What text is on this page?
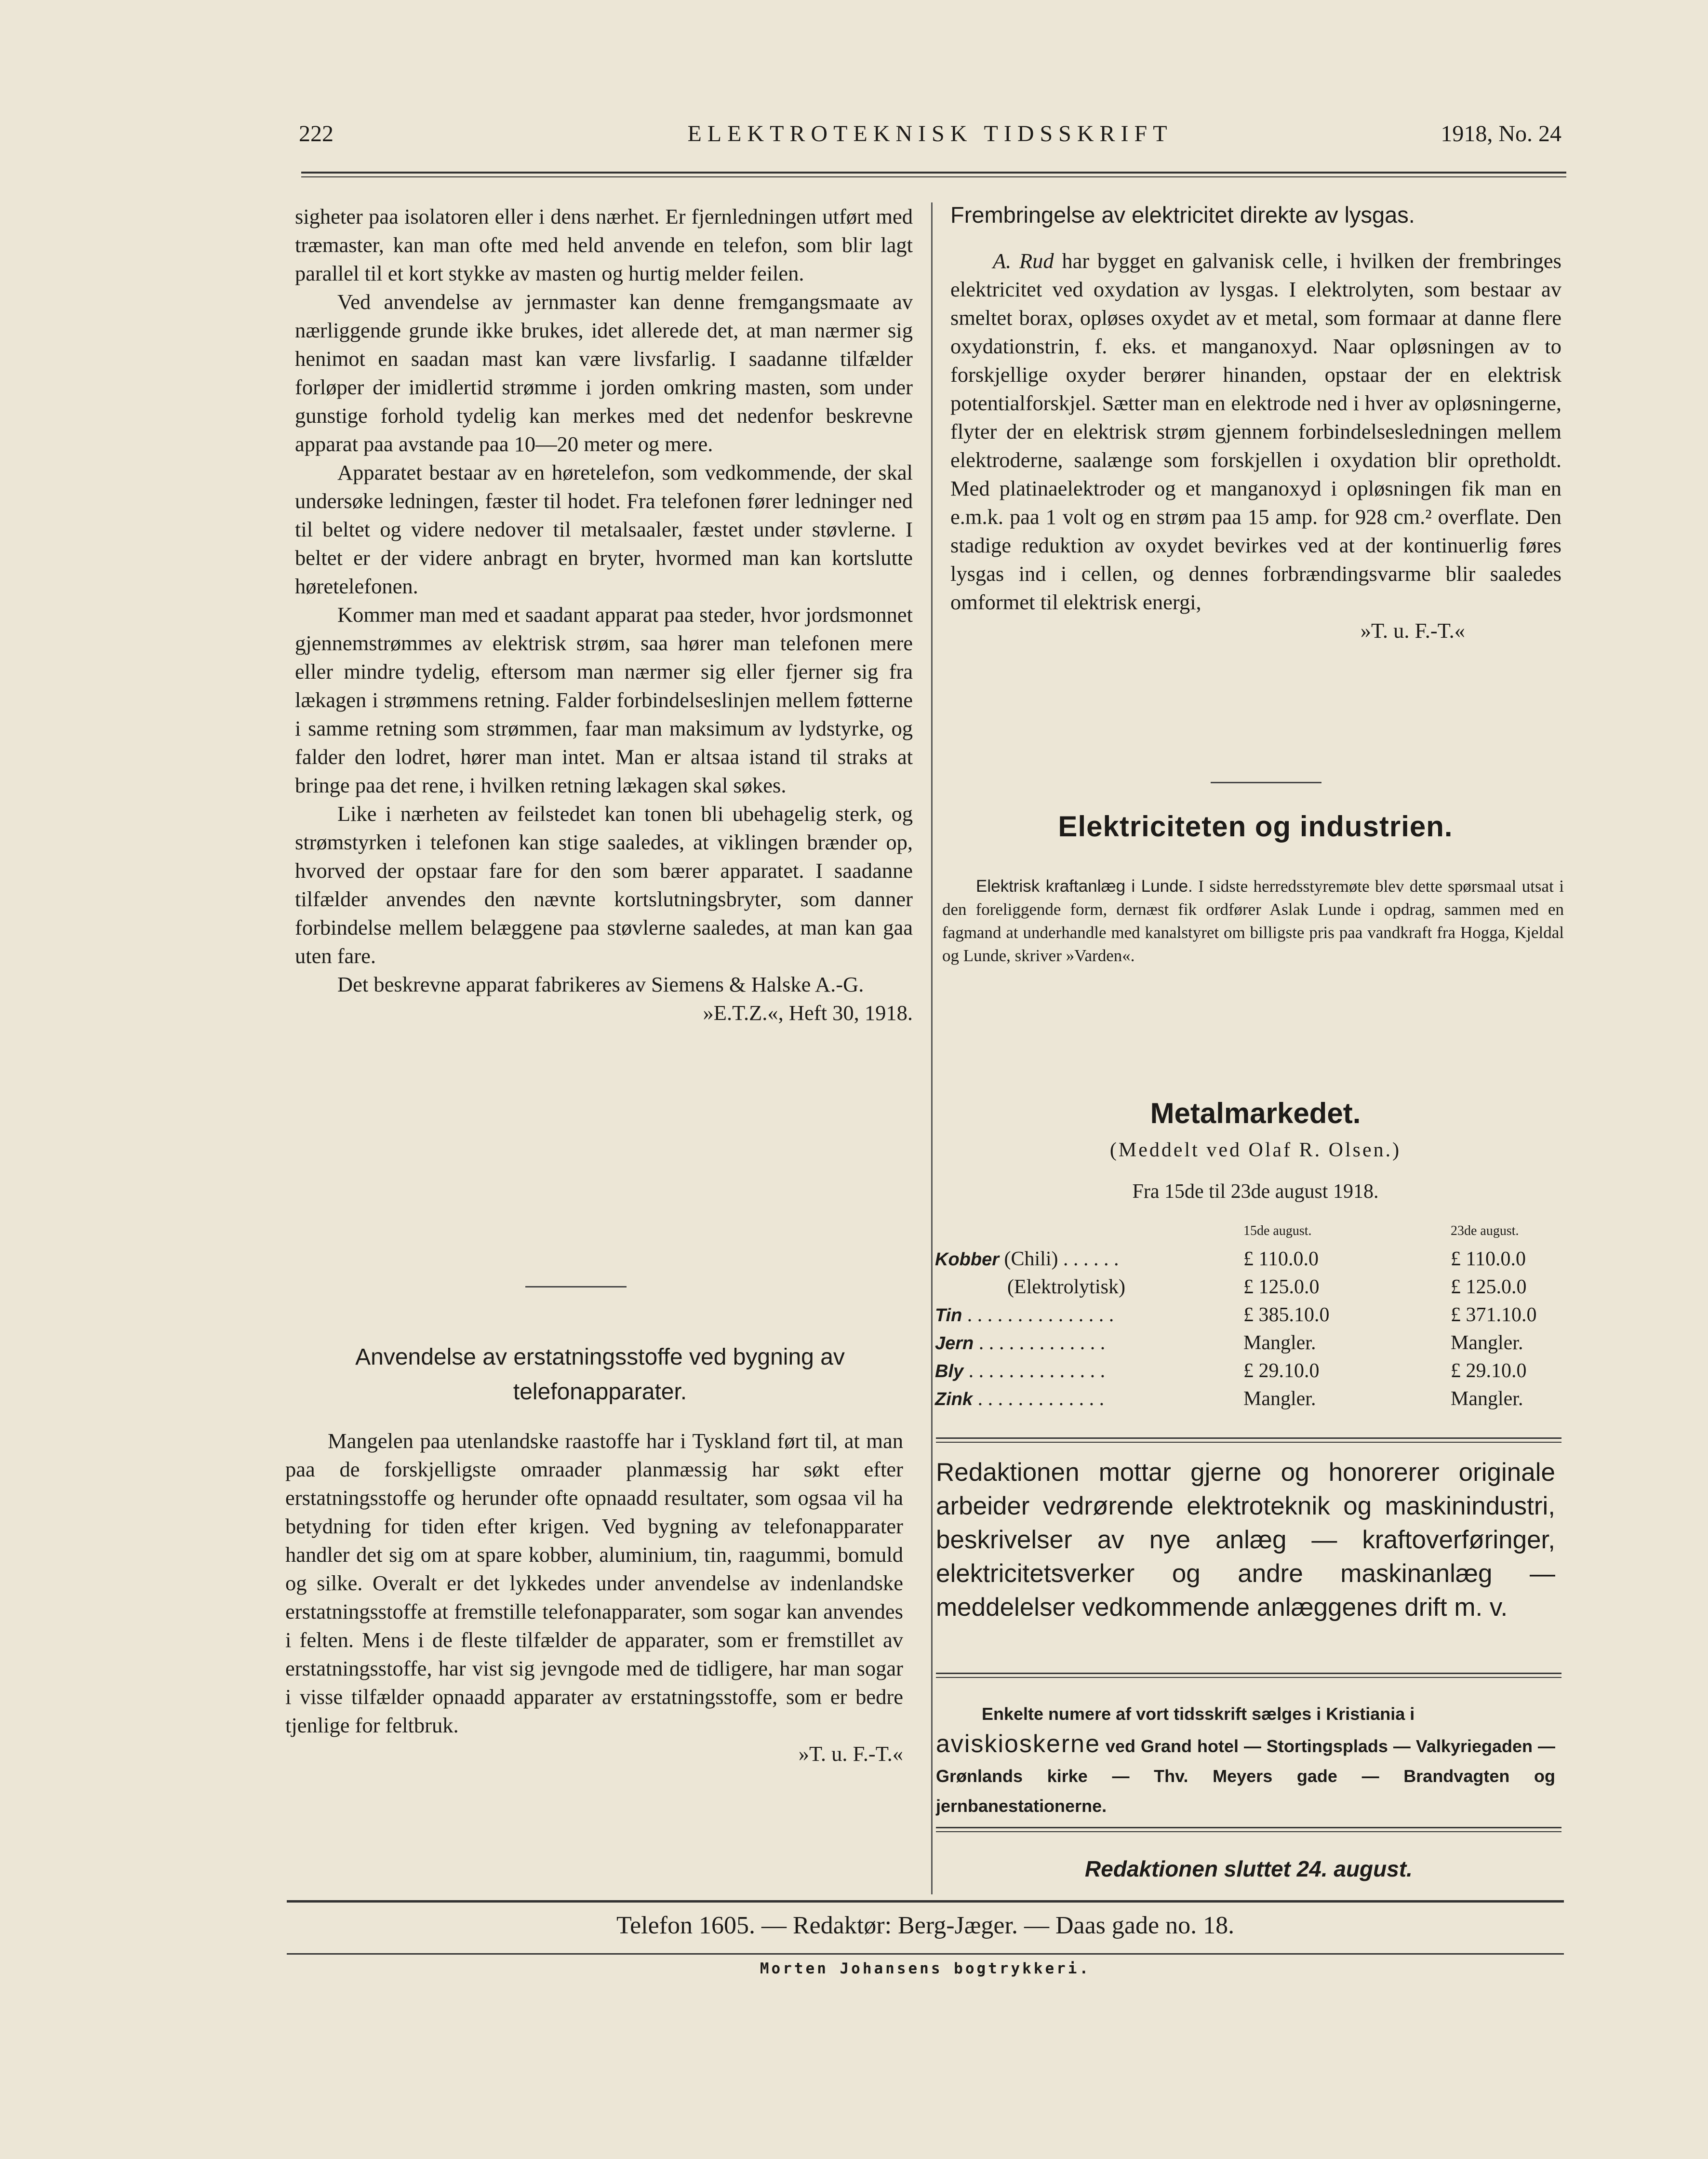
222	ELEKTROTEKNISK TIDSSKRIFT	1918, No. 24

sigheter paa isolatoren eller i dens nærhet. Er fjernledningen utført med træmaster, kan man ofte med held anvende en telefon, som blir lagt parallel til et kort stykke av masten og hurtig melder feilen.

Ved anvendelse av jernmaster kan denne fremgangsmaate av nærliggende grunde ikke brukes, idet allerede det, at man nærmer sig henimot en saadan mast kan være livsfarlig. I saadanne tilfælder forløper der imidlertid strømme i jorden omkring masten, som under gunstige forhold tydelig kan merkes med det nedenfor beskrevne apparat paa avstande paa 10—20 meter og mere.

Apparatet bestaar av en høretelefon, som vedkommende, der skal undersøke ledningen, fæster til hodet. Fra telefonen fører ledninger ned til beltet og videre nedover til metalsaaler, fæstet under støvlerne. I beltet er der videre anbragt en bryter, hvormed man kan kortslutte høretelefonen.

Kommer man med et saadant apparat paa steder, hvor jordsmonnet gjennemstrømmes av elektrisk strøm, saa hører man telefonen mere eller mindre tydelig, eftersom man nærmer sig eller fjerner sig fra lækagen i strømmens retning. Falder forbindelseslinjen mellem føtterne i samme retning som strømmen, faar man maksimum av lydstyrke, og falder den lodret, hører man intet. Man er altsaa istand til straks at bringe paa det rene, i hvilken retning lækagen skal søkes.

Like i nærheten av feilstedet kan tonen bli ubehagelig sterk, og strømstyrken i telefonen kan stige saaledes, at viklingen brænder op, hvorved der opstaar fare for den som bærer apparatet. I saadanne tilfælder anvendes den nævnte kortslutningsbryter, som danner forbindelse mellem belæggene paa støvlerne saaledes, at man kan gaa uten fare.

Det beskrevne apparat fabrikeres av Siemens & Halske A.-G.

»E.T.Z.«, Heft 30, 1918.
Anvendelse av erstatningsstoffe ved bygning av
telefonapparater.

Mangelen paa utenlandske raastoffe har i Tyskland ført til, at man paa de forskjelligste omraader planmæssig har søkt efter erstatningsstoffe og herunder ofte opnaadd resultater, som ogsaa vil ha betydning for tiden efter krigen. Ved bygning av telefonapparater handler det sig om at spare kobber, aluminium, tin, raagummi, bomuld og silke. Overalt er det lykkedes under anvendelse av indenlandske erstatningsstoffe at fremstille telefonapparater, som sogar kan anvendes i felten. Mens i de fleste tilfælder de apparater, som er fremstillet av erstatningsstoffe, har vist sig jevngode med de tidligere, har man sogar i visse tilfælder opnaadd apparater av erstatningsstoffe, som er bedre tjenlige for feltbruk.

»T. u. F.-T.«
Frembringelse av elektricitet direkte av lysgas.

A. Rud har bygget en galvanisk celle, i hvilken der frembringes elektricitet ved oxydation av lysgas. I elektrolyten, som bestaar av smeltet borax, opløses oxydet av et metal, som formaar at danne flere oxydationstrin, f. eks. et manganoxyd. Naar opløsningen av to forskjellige oxyder berører hinanden, opstaar der en elektrisk potentialforskjel. Sætter man en elektrode ned i hver av opløsningerne, flyter der en elektrisk strøm gjennem forbindelsesledningen mellem elektroderne, saalænge som forskjellen i oxydation blir opretholdt. Med platinaelektroder og et manganoxyd i opløsningen fik man en e.m.k. paa 1 volt og en strøm paa 15 amp. for 928 cm.² overflate. Den stadige reduktion av oxydet bevirkes ved at der kontinuerlig føres lysgas ind i cellen, og dennes forbrændingsvarme blir saaledes omformet til elektrisk energi,

»T. u. F.-T.«
Elektriciteten og industrien.
Elektrisk kraftanlæg i Lunde. I sidste herredsstyremøte blev dette spørsmaal utsat i den foreliggende form, dernæst fik ordfører Aslak Lunde i opdrag, sammen med en fagmand at underhandle med kanalstyret om billigste pris paa vandkraft fra Hogga, Kjeldal og Lunde, skriver »Varden«.
Metalmarkedet.
(Meddelt ved Olaf R. Olsen.)
Fra 15de til 23de august 1918.
	15de august.	23de august.
Kobber (Chili) . . . . . .	£ 110.0.0	£ 110.0.0
(Elektrolytisk)	£ 125.0.0	£ 125.0.0
Tin . . . . . . . . . . . . . . .	£ 385.10.0	£ 371.10.0
Jern . . . . . . . . . . . . .	Mangler.	Mangler.
Bly . . . . . . . . . . . . . .	£ 29.10.0	£ 29.10.0
Zink . . . . . . . . . . . . .	Mangler.	Mangler.
Redaktionen mottar gjerne og honorerer originale arbeider vedrørende elektroteknik og maskinindustri, beskrivelser av nye anlæg — kraftoverføringer, elektricitetsverker og andre maskinanlæg — meddelelser vedkommende anlæggenes drift m. v.
Enkelte numere af vort tidsskrift sælges i Kristiania i
aviskioskerne ved Grand hotel — Stortingsplads — Valkyriegaden — Grønlands kirke — Thv. Meyers gade — Brandvagten og jernbanestationerne.
Redaktionen sluttet 24. august.
Telefon 1605. — Redaktør: Berg-Jæger. — Daas gade no. 18.
Morten Johansens bogtrykkeri.
